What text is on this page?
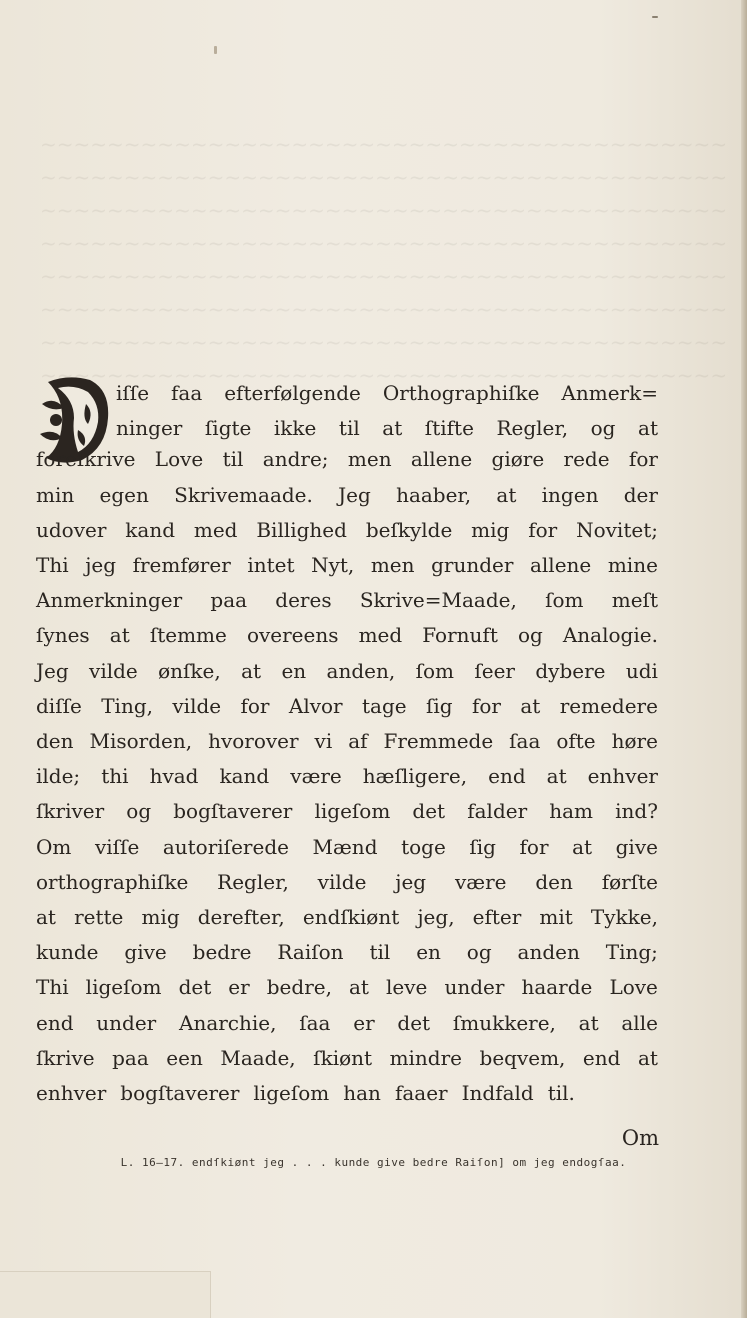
~~~~~~~~~~~~~~~~~~~~~~~~~~~~~~~~~~~~~~~~~
~~~~~~~~~~~~~~~~~~~~~~~~~~~~~~~~~~~~~~~~~
~~~~~~~~~~~~~~~~~~~~~~~~~~~~~~~~~~~~~~~~~
~~~~~~~~~~~~~~~~~~~~~~~~~~~~~~~~~~~~~~~~~
~~~~~~~~~~~~~~~~~~~~~~~~~~~~~~~~~~~~~~~~~
~~~~~~~~~~~~~~~~~~~~~~~~~~~~~~~~~~~~~~~~~
~~~~~~~~~~~~~~~~~~~~~~~~~~~~~~~~~~~~~~~~~
~~~~~~~~~~~~~~~~~~~~~~~~~~~~~~~~~~~~~~~~~

iſſe faa efterfølgende Orthographiſke Anmerk=
ninger ſigte ikke til at ſtifte Regler, og at
foreſkrive Love til andre; men allene giøre rede for
min egen Skrivemaade. Jeg haaber, at ingen der
udover kand med Billighed beſkylde mig for Novitet;
Thi jeg fremfører intet Nyt, men grunder allene mine
Anmerkninger paa deres Skrive=Maade, ſom meſt
ſynes at ſtemme overeens med Fornuft og Analogie.
Jeg vilde ønſke, at en anden, ſom ſeer dybere udi
diſſe Ting, vilde for Alvor tage ſig for at remedere
den Misorden, hvorover vi af Fremmede ſaa ofte høre
ilde; thi hvad kand være hæſligere, end at enhver
ſkriver og bogſtaverer ligeſom det falder ham ind?
Om viſſe autoriſerede Mænd toge ſig for at give
orthographiſke Regler, vilde jeg være den førſte
at rette mig derefter, endſkiønt jeg, efter mit Tykke,
kunde give bedre Raiſon til en og anden Ting;
Thi ligeſom det er bedre, at leve under haarde Love
end under Anarchie, ſaa er det ſmukkere, at alle
ſkrive paa een Maade, ſkiønt mindre beqvem, end at
enhver bogſtaverer ligeſom han faaer Indfald til.
Om
L. 16—17. endſkiønt jeg . . . kunde give bedre Raiſon] om jeg endogſaa.
